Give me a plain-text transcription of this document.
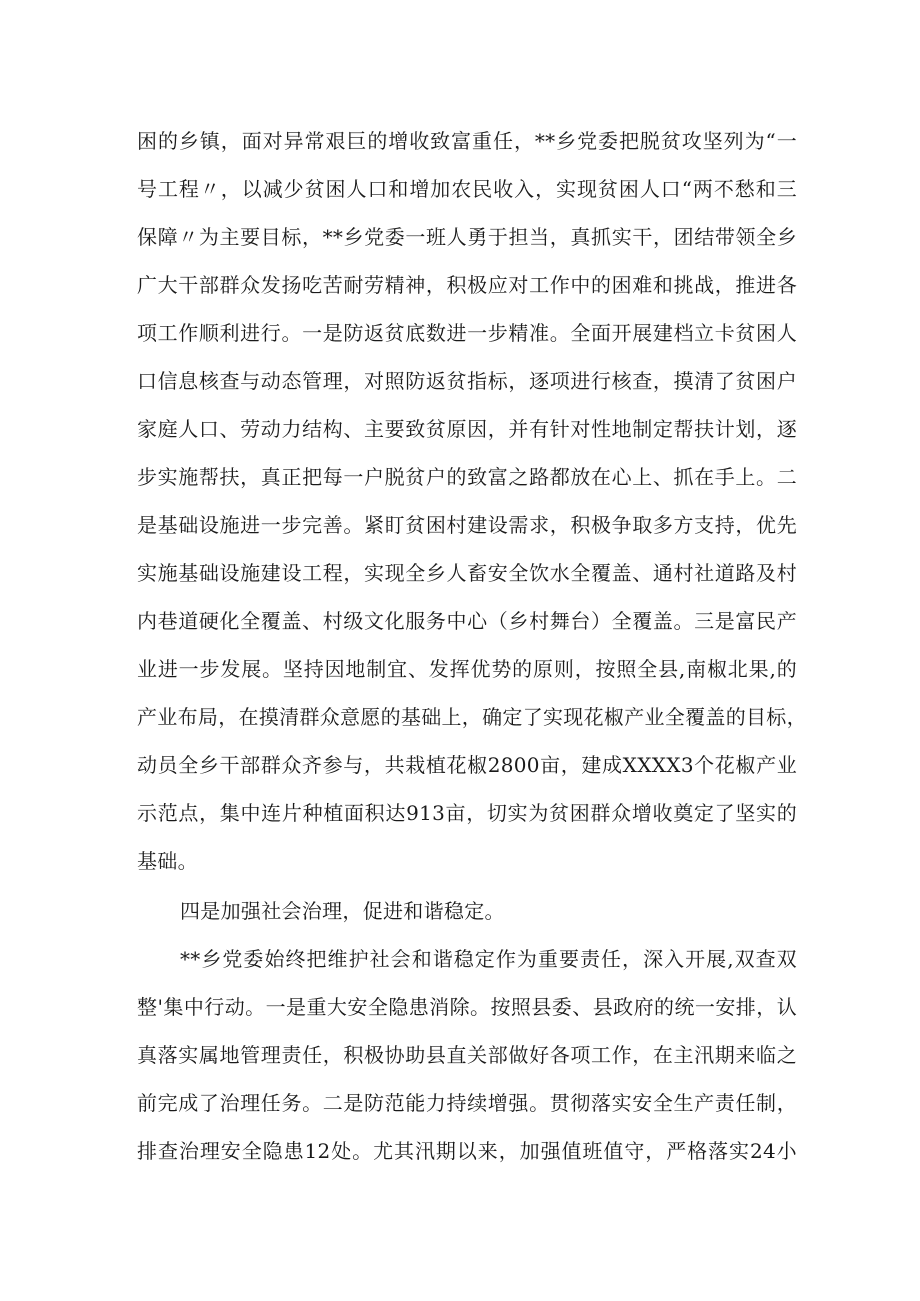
困的乡镇，面对异常艰巨的增收致富重任，**乡党委把脱贫攻坚列为“一
号工程〃，以减少贫困人口和增加农民收入，实现贫困人口“两不愁和三
保障〃为主要目标，**乡党委一班人勇于担当，真抓实干，团结带领全乡
广大干部群众发扬吃苦耐劳精神，积极应对工作中的困难和挑战，推进各
项工作顺利进行。一是防返贫底数进一步精准。全面开展建档立卡贫困人
口信息核查与动态管理，对照防返贫指标，逐项进行核查，摸清了贫困户
家庭人口、劳动力结构、主要致贫原因，并有针对性地制定帮扶计划，逐
步实施帮扶，真正把每一户脱贫户的致富之路都放在心上、抓在手上。二
是基础设施进一步完善。紧盯贫困村建设需求，积极争取多方支持，优先
实施基础设施建设工程，实现全乡人畜安全饮水全覆盖、通村社道路及村
内巷道硬化全覆盖、村级文化服务中心（乡村舞台）全覆盖。三是富民产
业进一步发展。坚持因地制宜、发挥优势的原则，按照全县,南椒北果,的
产业布局，在摸清群众意愿的基础上，确定了实现花椒产业全覆盖的目标，
动员全乡干部群众齐参与，共栽植花椒2800亩，建成XXXX3个花椒产业
示范点，集中连片种植面积达913亩，切实为贫困群众增收奠定了坚实的
基础。
四是加强社会治理，促进和谐稳定。
**乡党委始终把维护社会和谐稳定作为重要责任，深入开展,双查双
整'集中行动。一是重大安全隐患消除。按照县委、县政府的统一安排，认
真落实属地管理责任，积极协助县直关部做好各项工作，在主汛期来临之
前完成了治理任务。二是防范能力持续增强。贯彻落实安全生产责任制，
排查治理安全隐患12处。尤其汛期以来，加强值班值守，严格落实24小
